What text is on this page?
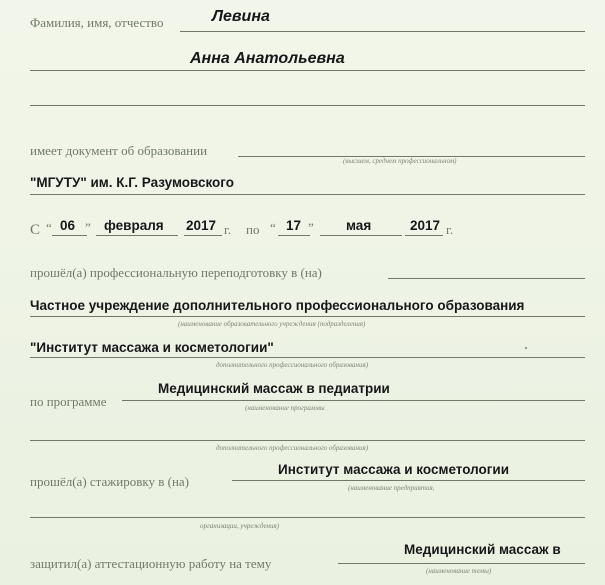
Фамилия, имя, отчество	Левина
Анна Анатольевна
имеет документ об образовании
(высшем, среднем профессиональном)
"МГУТУ" им. К.Г. Разумовского
С “ 06 ” февраля 2017 г. по “ 17 ” мая	2017 г.
прошёл(а) профессиональную переподготовку в (на)
Частное учреждение дополнительного профессионального образования
(наименование образовательного учреждения (подразделения)
"Институт массажа и косметологии"
дополнительного профессионального образования)
по программе
Медицинский массаж в педиатрии
(наименование программы
дополнительного профессионального образования)
прошёл(а) стажировку в (на)
Институт массажа и косметологии
(наименование предприятия,
организации, учреждения)
защитил(а) аттестационную работу на тему
Медицинский массаж в
(наименование темы)
